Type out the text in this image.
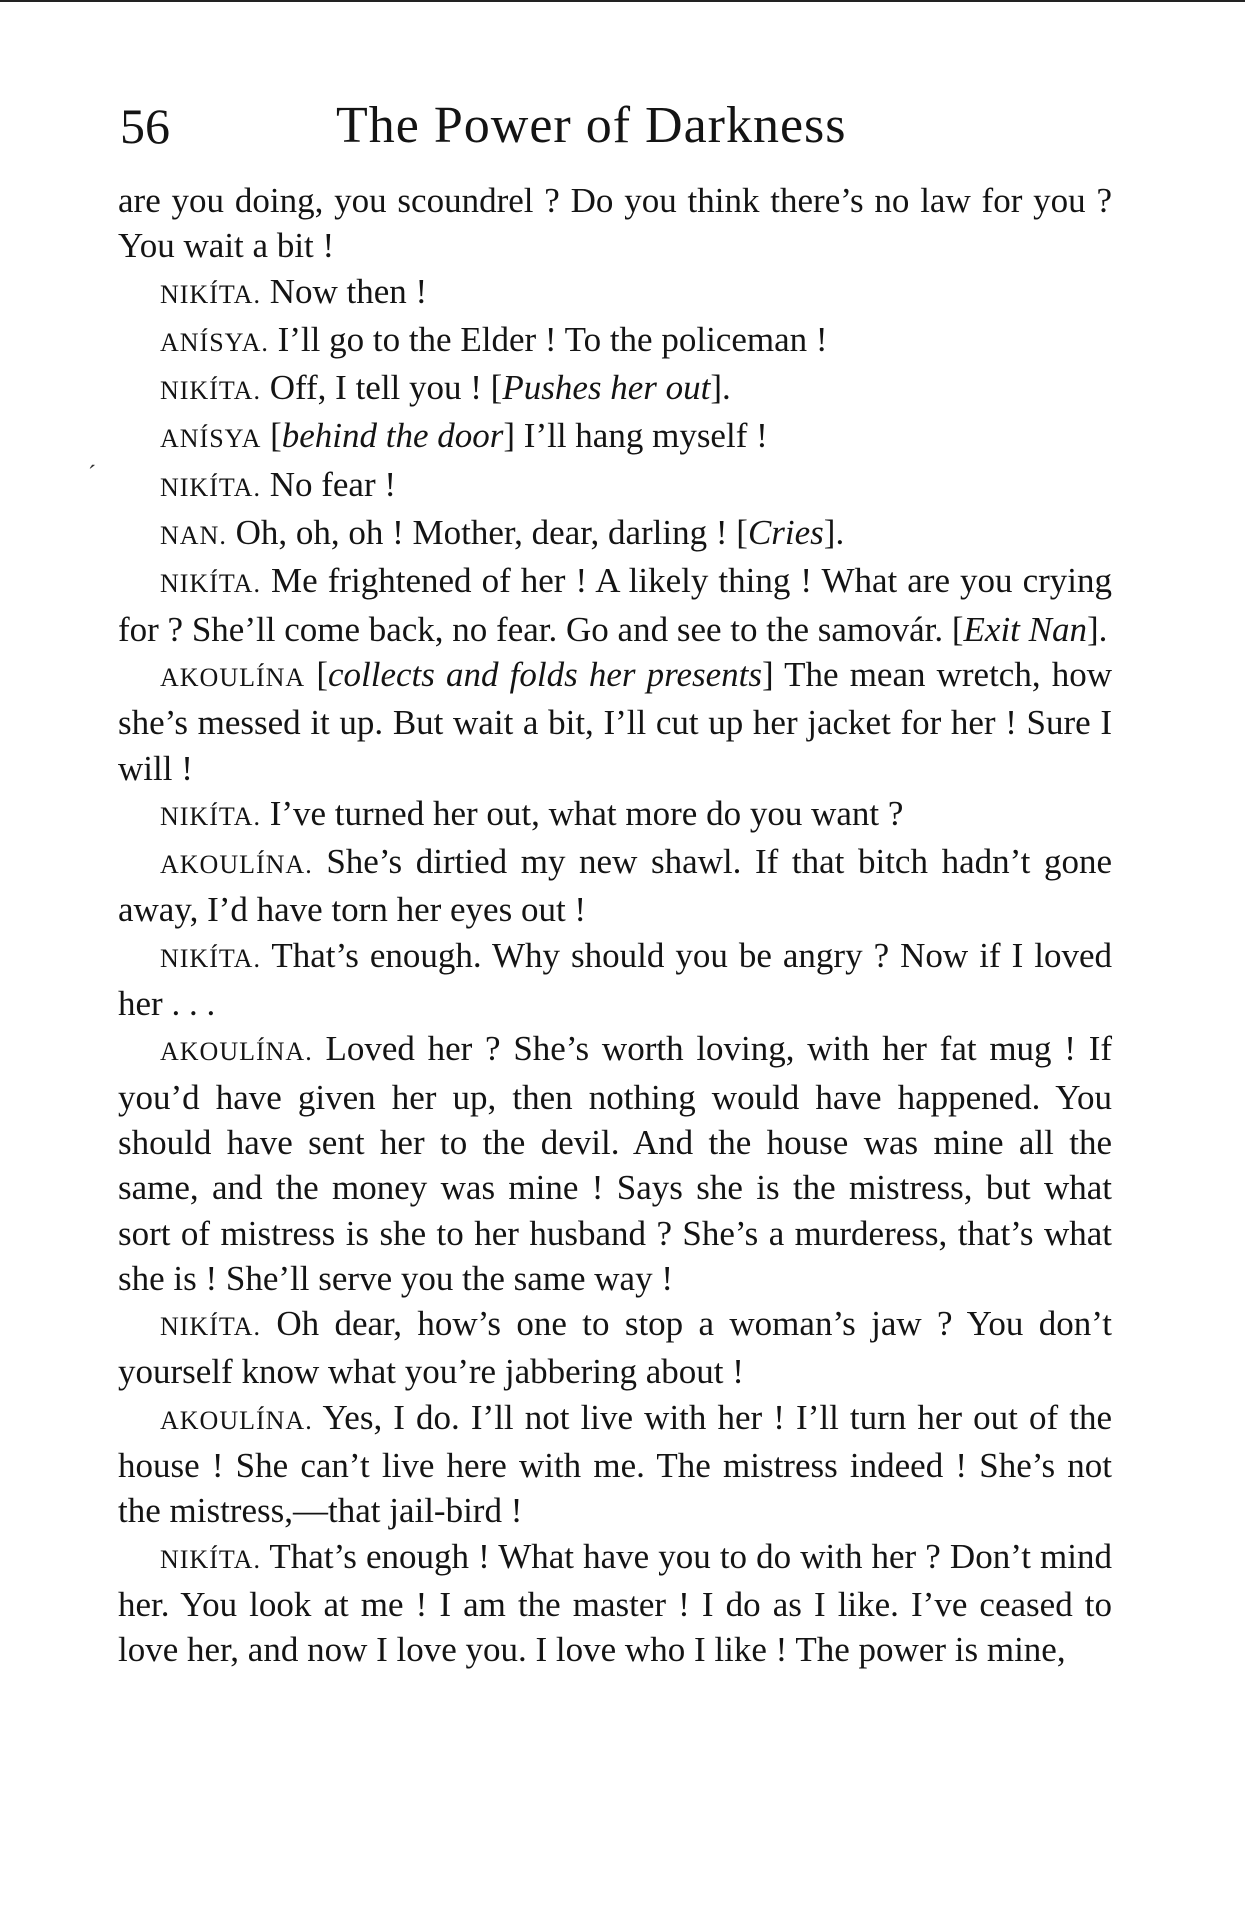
56	The Power of Darkness
ˊ

are you doing, you scoundrel ? Do you think there’s no law for you ? You wait a bit !

NIKÍTA. Now then !

ANÍSYA. I’ll go to the Elder ! To the policeman !

NIKÍTA. Off, I tell you ! [Pushes her out].

ANÍSYA [behind the door] I’ll hang myself !

NIKÍTA. No fear !

NAN. Oh, oh, oh ! Mother, dear, darling ! [Cries].

NIKÍTA. Me frightened of her ! A likely thing ! What are you crying for ? She’ll come back, no fear. Go and see to the samovár. [Exit Nan].

AKOULÍNA [collects and folds her presents] The mean wretch, how she’s messed it up. But wait a bit, I’ll cut up her jacket for her ! Sure I will !

NIKÍTA. I’ve turned her out, what more do you want ?

AKOULÍNA. She’s dirtied my new shawl. If that bitch hadn’t gone away, I’d have torn her eyes out !

NIKÍTA. That’s enough. Why should you be angry ? Now if I loved her . . .

AKOULÍNA. Loved her ? She’s worth loving, with her fat mug ! If you’d have given her up, then nothing would have happened. You should have sent her to the devil. And the house was mine all the same, and the money was mine ! Says she is the mistress, but what sort of mistress is she to her husband ? She’s a murderess, that’s what she is ! She’ll serve you the same way !

NIKÍTA. Oh dear, how’s one to stop a woman’s jaw ? You don’t yourself know what you’re jabbering about !

AKOULÍNA. Yes, I do. I’ll not live with her ! I’ll turn her out of the house ! She can’t live here with me. The mistress indeed ! She’s not the mistress,—that jail-bird !

NIKÍTA. That’s enough ! What have you to do with her ? Don’t mind her. You look at me ! I am the master ! I do as I like. I’ve ceased to love her, and now I love you. I love who I like ! The power is mine,
